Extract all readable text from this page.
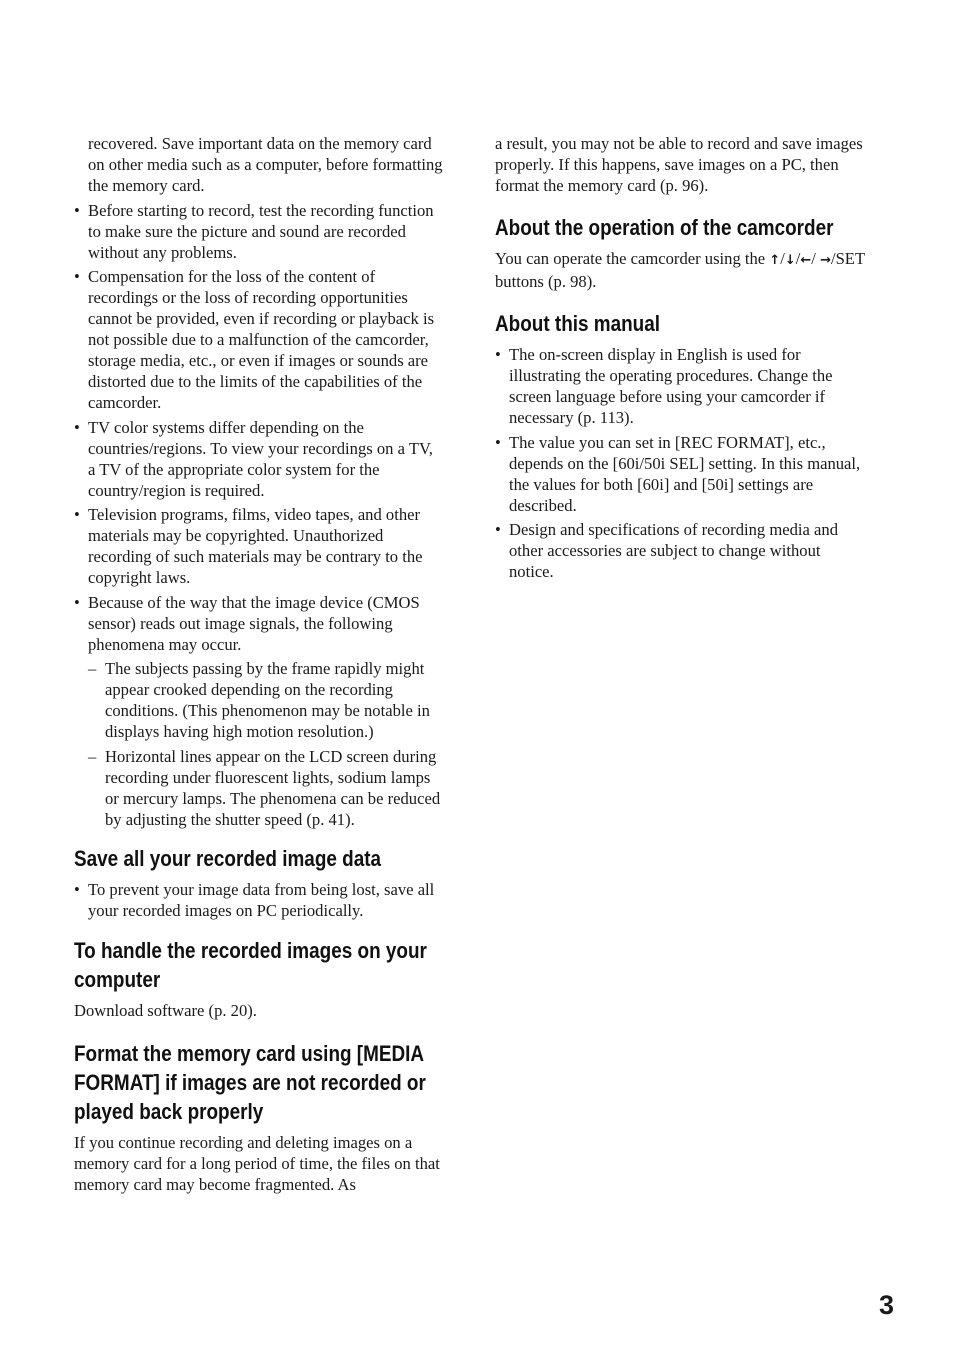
recovered. Save important data on the memory card on other media such as a computer, before formatting the memory card.

• Before starting to record, test the recording function to make sure the picture and sound are recorded without any problems.
• Compensation for the loss of the content of recordings or the loss of recording opportunities cannot be provided, even if recording or playback is not possible due to a malfunction of the camcorder, storage media, etc., or even if images or sounds are distorted due to the limits of the capabilities of the camcorder.
• TV color systems differ depending on the countries/regions. To view your recordings on a TV, a TV of the appropriate color system for the country/region is required.
• Television programs, films, video tapes, and other materials may be copyrighted. Unauthorized recording of such materials may be contrary to the copyright laws.
• Because of the way that the image device (CMOS sensor) reads out image signals, the following phenomena may occur.
– The subjects passing by the frame rapidly might appear crooked depending on the recording conditions. (This phenomenon may be notable in displays having high motion resolution.)
– Horizontal lines appear on the LCD screen during recording under fluorescent lights, sodium lamps or mercury lamps. The phenomena can be reduced by adjusting the shutter speed (p. 41).
Save all your recorded image data
• To prevent your image data from being lost, save all your recorded images on PC periodically.
To handle the recorded images on your computer

Download software (p. 20).

Format the memory card using [MEDIA FORMAT] if images are not recorded or played back properly

If you continue recording and deleting images on a memory card for a long period of time, the files on that memory card may become fragmented. As

a result, you may not be able to record and save images properly. If this happens, save images on a PC, then format the memory card (p. 96).

About the operation of the camcorder

You can operate the camcorder using the ↑/↓/←/ →/SET buttons (p. 98).

About this manual
• The on-screen display in English is used for illustrating the operating procedures. Change the screen language before using your camcorder if necessary (p. 113).
• The value you can set in [REC FORMAT], etc., depends on the [60i/50i SEL] setting. In this manual, the values for both [60i] and [50i] settings are described.
• Design and specifications of recording media and other accessories are subject to change without notice.
3
